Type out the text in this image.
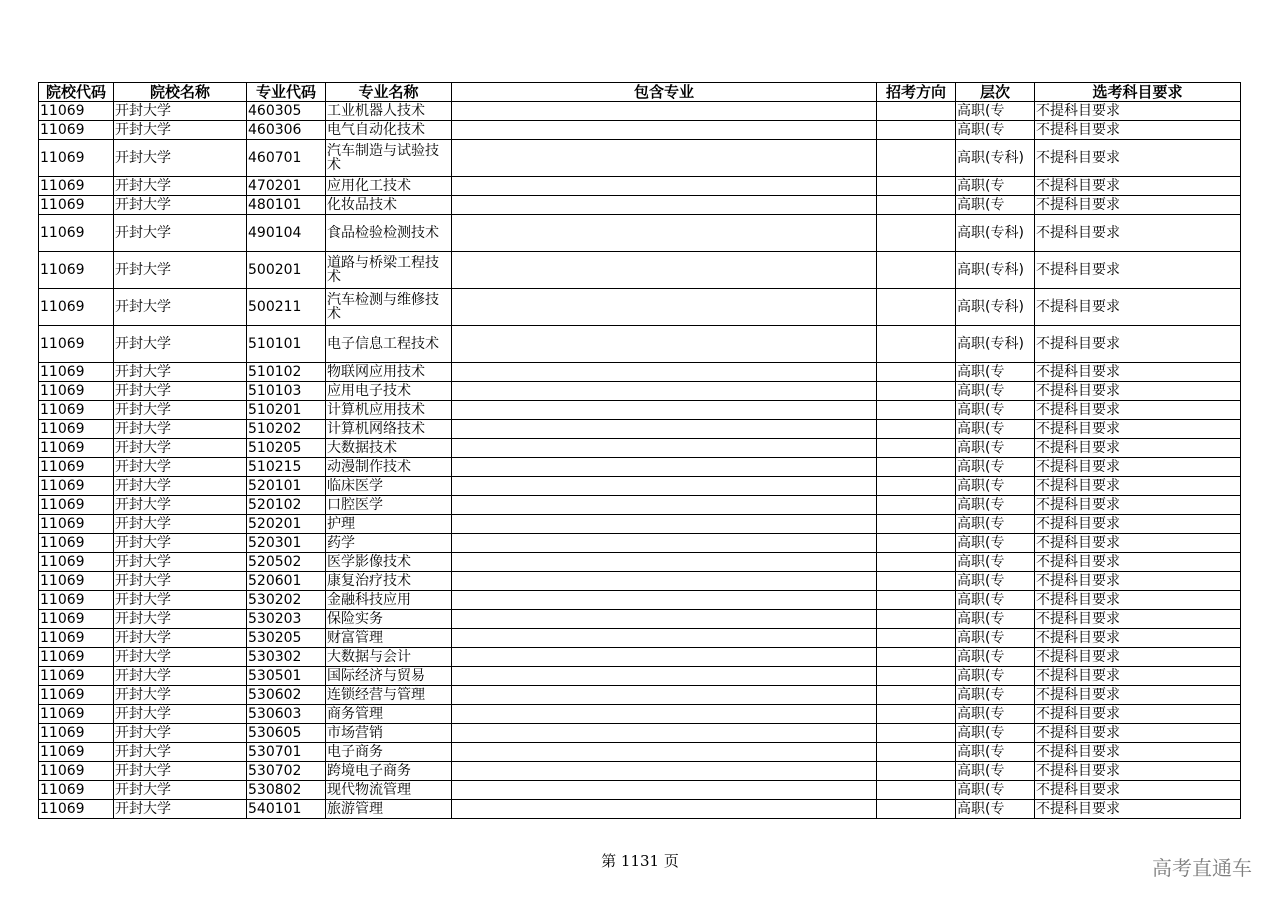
院校代码	院校名称	专业代码	专业名称	包含专业	招考方向	层次	选考科目要求
11069	开封大学	460305	工业机器人技术			高职(专	不提科目要求
11069	开封大学	460306	电气自动化技术			高职(专	不提科目要求
11069	开封大学	460701	汽车制造与试验技术			高职(专科)	不提科目要求
11069	开封大学	470201	应用化工技术			高职(专	不提科目要求
11069	开封大学	480101	化妆品技术			高职(专	不提科目要求
11069	开封大学	490104	食品检验检测技术			高职(专科)	不提科目要求
11069	开封大学	500201	道路与桥梁工程技术			高职(专科)	不提科目要求
11069	开封大学	500211	汽车检测与维修技术			高职(专科)	不提科目要求
11069	开封大学	510101	电子信息工程技术			高职(专科)	不提科目要求
11069	开封大学	510102	物联网应用技术			高职(专	不提科目要求
11069	开封大学	510103	应用电子技术			高职(专	不提科目要求
11069	开封大学	510201	计算机应用技术			高职(专	不提科目要求
11069	开封大学	510202	计算机网络技术			高职(专	不提科目要求
11069	开封大学	510205	大数据技术			高职(专	不提科目要求
11069	开封大学	510215	动漫制作技术			高职(专	不提科目要求
11069	开封大学	520101	临床医学			高职(专	不提科目要求
11069	开封大学	520102	口腔医学			高职(专	不提科目要求
11069	开封大学	520201	护理			高职(专	不提科目要求
11069	开封大学	520301	药学			高职(专	不提科目要求
11069	开封大学	520502	医学影像技术			高职(专	不提科目要求
11069	开封大学	520601	康复治疗技术			高职(专	不提科目要求
11069	开封大学	530202	金融科技应用			高职(专	不提科目要求
11069	开封大学	530203	保险实务			高职(专	不提科目要求
11069	开封大学	530205	财富管理			高职(专	不提科目要求
11069	开封大学	530302	大数据与会计			高职(专	不提科目要求
11069	开封大学	530501	国际经济与贸易			高职(专	不提科目要求
11069	开封大学	530602	连锁经营与管理			高职(专	不提科目要求
11069	开封大学	530603	商务管理			高职(专	不提科目要求
11069	开封大学	530605	市场营销			高职(专	不提科目要求
11069	开封大学	530701	电子商务			高职(专	不提科目要求
11069	开封大学	530702	跨境电子商务			高职(专	不提科目要求
11069	开封大学	530802	现代物流管理			高职(专	不提科目要求
11069	开封大学	540101	旅游管理			高职(专	不提科目要求
第 1131 页	高考直通车
